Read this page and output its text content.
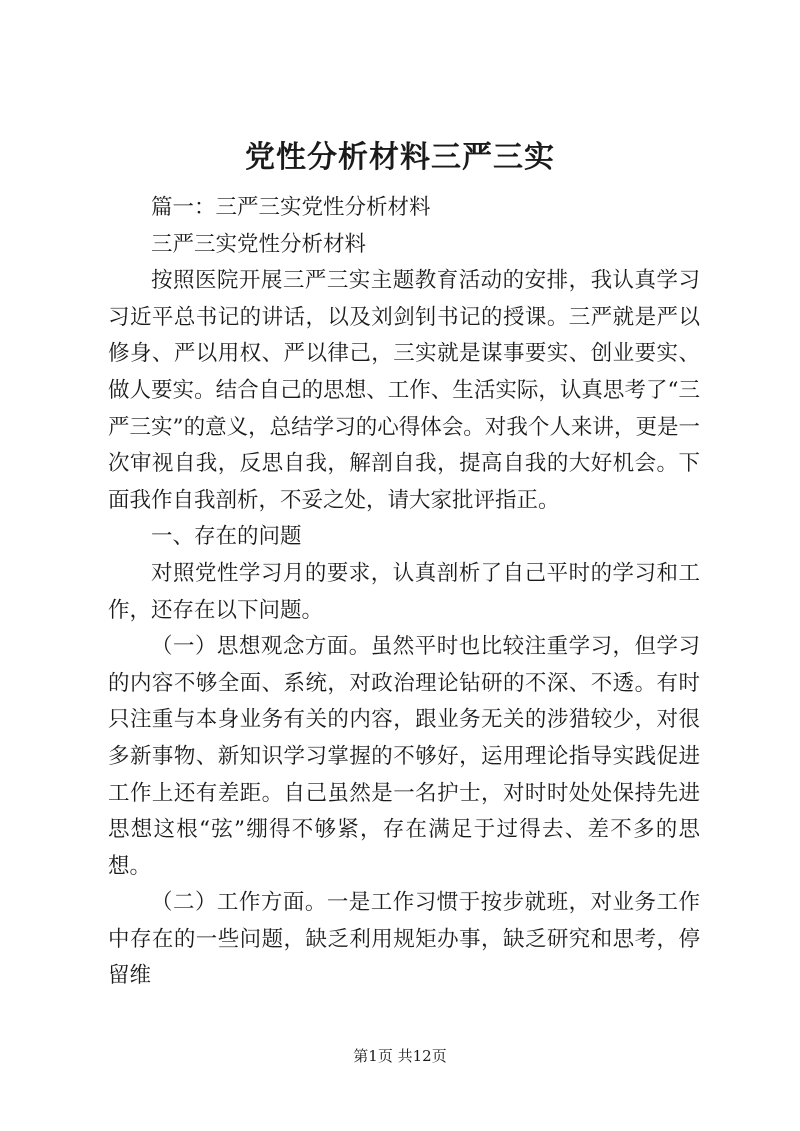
党性分析材料三严三实

篇一：三严三实党性分析材料

三严三实党性分析材料

按照医院开展三严三实主题教育活动的安排，我认真学习习近平总书记的讲话，以及刘剑钊书记的授课。三严就是严以修身、严以用权、严以律己，三实就是谋事要实、创业要实、做人要实。结合自己的思想、工作、生活实际，认真思考了“三严三实”的意义，总结学习的心得体会。对我个人来讲，更是一次审视自我，反思自我，解剖自我，提高自我的大好机会。下面我作自我剖析，不妥之处，请大家批评指正。

一、存在的问题

对照党性学习月的要求，认真剖析了自己平时的学习和工作，还存在以下问题。

（一）思想观念方面。虽然平时也比较注重学习，但学习的内容不够全面、系统，对政治理论钻研的不深、不透。有时只注重与本身业务有关的内容，跟业务无关的涉猎较少，对很多新事物、新知识学习掌握的不够好，运用理论指导实践促进工作上还有差距。自己虽然是一名护士，对时时处处保持先进思想这根“弦”绷得不够紧，存在满足于过得去、差不多的思想。

（二）工作方面。一是工作习惯于按步就班，对业务工作中存在的一些问题，缺乏利用规矩办事，缺乏研究和思考，停留维

第1页 共12页
